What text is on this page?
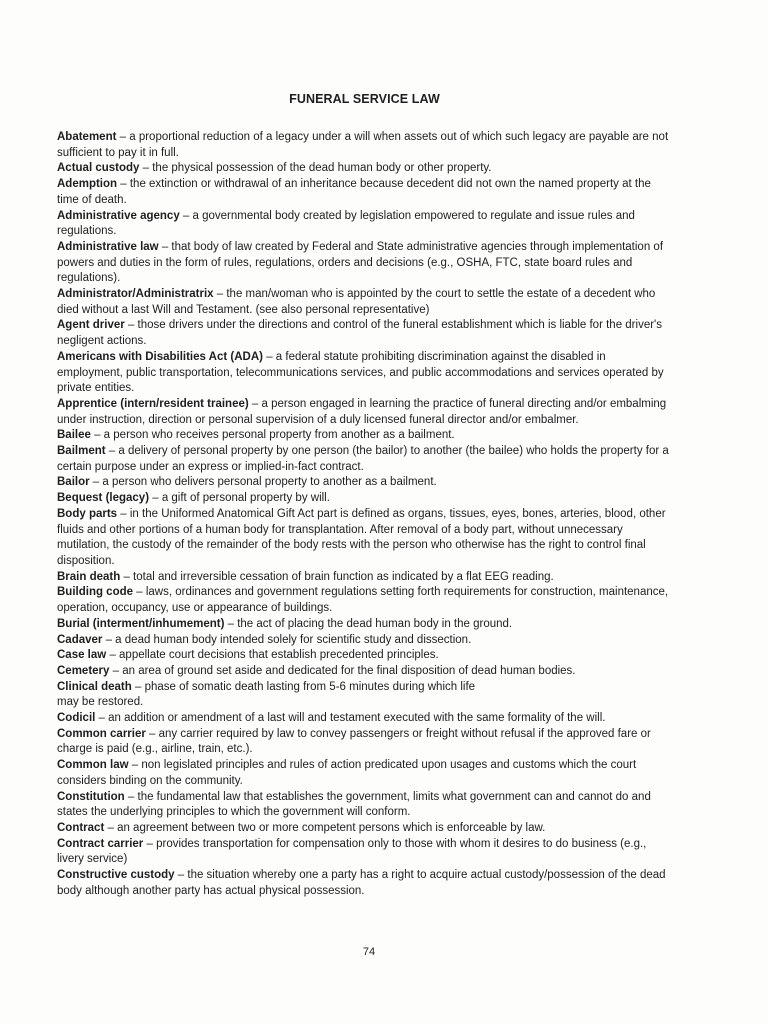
FUNERAL SERVICE LAW

Abatement – a proportional reduction of a legacy under a will when assets out of which such legacy are payable are not sufficient to pay it in full.

Actual custody – the physical possession of the dead human body or other property.

Ademption – the extinction or withdrawal of an inheritance because decedent did not own the named property at the time of death.

Administrative agency – a governmental body created by legislation empowered to regulate and issue rules and regulations.

Administrative law – that body of law created by Federal and State administrative agencies through implementation of powers and duties in the form of rules, regulations, orders and decisions (e.g., OSHA, FTC, state board rules and regulations).

Administrator/Administratrix – the man/woman who is appointed by the court to settle the estate of a decedent who died without a last Will and Testament. (see also personal representative)

Agent driver – those drivers under the directions and control of the funeral establishment which is liable for the driver's negligent actions.

Americans with Disabilities Act (ADA) – a federal statute prohibiting discrimination against the disabled in employment, public transportation, telecommunications services, and public accommodations and services operated by private entities.

Apprentice (intern/resident trainee) – a person engaged in learning the practice of funeral directing and/or embalming under instruction, direction or personal supervision of a duly licensed funeral director and/or embalmer.

Bailee – a person who receives personal property from another as a bailment.

Bailment – a delivery of personal property by one person (the bailor) to another (the bailee) who holds the property for a certain purpose under an express or implied-in-fact contract.

Bailor – a person who delivers personal property to another as a bailment.

Bequest (legacy) – a gift of personal property by will.

Body parts – in the Uniformed Anatomical Gift Act part is defined as organs, tissues, eyes, bones, arteries, blood, other fluids and other portions of a human body for transplantation. After removal of a body part, without unnecessary mutilation, the custody of the remainder of the body rests with the person who otherwise has the right to control final disposition.

Brain death – total and irreversible cessation of brain function as indicated by a flat EEG reading.

Building code – laws, ordinances and government regulations setting forth requirements for construction, maintenance, operation, occupancy, use or appearance of buildings.

Burial (interment/inhumement) – the act of placing the dead human body in the ground.

Cadaver – a dead human body intended solely for scientific study and dissection.

Case law – appellate court decisions that establish precedented principles.

Cemetery – an area of ground set aside and dedicated for the final disposition of dead human bodies.

Clinical death – phase of somatic death lasting from 5-6 minutes during which life
may be restored.

Codicil – an addition or amendment of a last will and testament executed with the same formality of the will.

Common carrier – any carrier required by law to convey passengers or freight without refusal if the approved fare or charge is paid (e.g., airline, train, etc.).

Common law – non legislated principles and rules of action predicated upon usages and customs which the court considers binding on the community.

Constitution – the fundamental law that establishes the government, limits what government can and cannot do and states the underlying principles to which the government will conform.

Contract – an agreement between two or more competent persons which is enforceable by law.

Contract carrier – provides transportation for compensation only to those with whom it desires to do business (e.g., livery service)

Constructive custody – the situation whereby one a party has a right to acquire actual custody/possession of the dead body although another party has actual physical possession.

74
